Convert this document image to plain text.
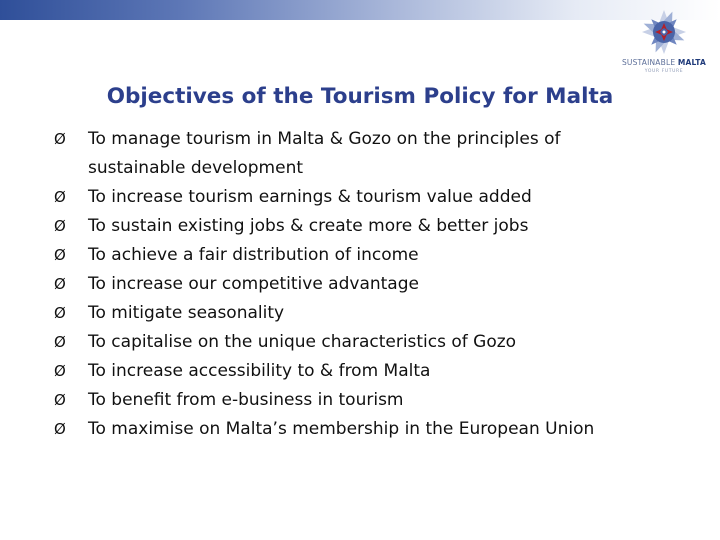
SUSTAINABLE MALTA
YOUR FUTURE
Objectives of the Tourism Policy for Malta
Ø To manage tourism in Malta & Gozo on the principles of
sustainable development
Ø To increase tourism earnings & tourism value added
Ø To sustain existing jobs & create more & better jobs
Ø To achieve a fair distribution of income
Ø To increase our competitive advantage
Ø To mitigate seasonality
Ø To capitalise on the unique characteristics of Gozo
Ø To increase accessibility to & from Malta
Ø To benefit from e-business in tourism
Ø To maximise on Malta’s membership in the European Union
